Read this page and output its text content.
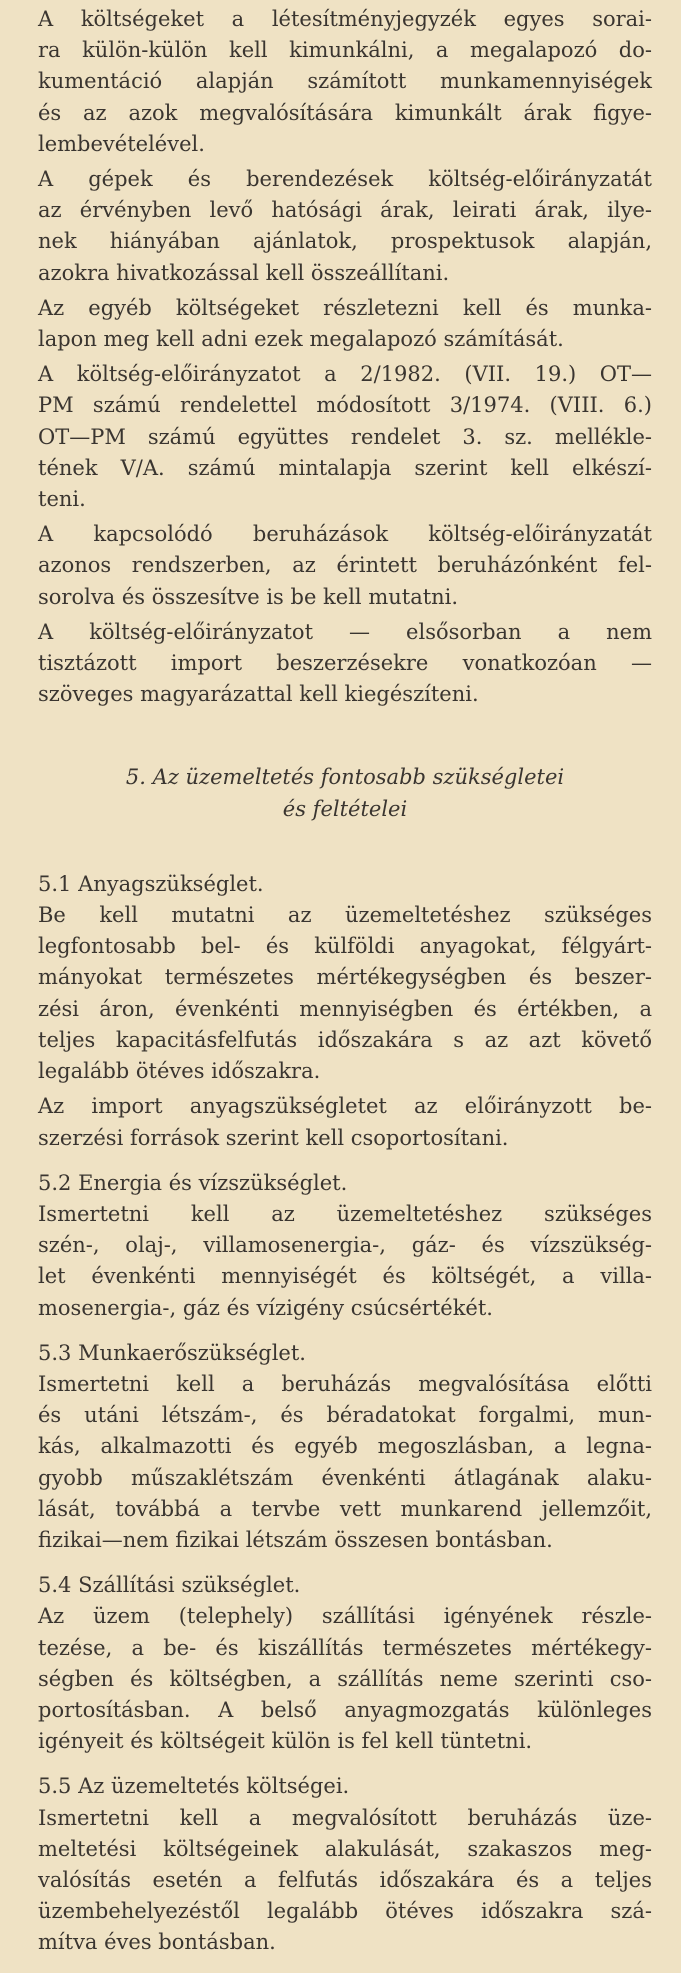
A költségeket a létesítményjegyzék egyes sorai-
ra külön-külön kell kimunkálni, a megalapozó do-
kumentáció alapján számított munkamennyiségek
és az azok megvalósítására kimunkált árak figye-
lembevételével.
A gépek és berendezések költség-előirányzatát
az érvényben levő hatósági árak, leirati árak, ilye-
nek hiányában ajánlatok, prospektusok alapján,
azokra hivatkozással kell összeállítani.
Az egyéb költségeket részletezni kell és munka-
lapon meg kell adni ezek megalapozó számítását.
A költség-előirányzatot a 2/1982. (VII. 19.) OT—
PM számú rendelettel módosított 3/1974. (VIII. 6.)
OT—PM számú együttes rendelet 3. sz. mellékle-
tének V/A. számú mintalapja szerint kell elkészí-
teni.
A kapcsolódó beruházások költség-előirányzatát
azonos rendszerben, az érintett beruházónként fel-
sorolva és összesítve is be kell mutatni.
A költség-előirányzatot — elsősorban a nem
tisztázott import beszerzésekre vonatkozóan —
szöveges magyarázattal kell kiegészíteni.
5. Az üzemeltetés fontosabb szükségletei
és feltételei
5.1 Anyagszükséglet.
Be kell mutatni az üzemeltetéshez szükséges
legfontosabb bel- és külföldi anyagokat, félgyárt-
mányokat természetes mértékegységben és beszer-
zési áron, évenkénti mennyiségben és értékben, a
teljes kapacitásfelfutás időszakára s az azt követő
legalább ötéves időszakra.
Az import anyagszükségletet az előirányzott be-
szerzési források szerint kell csoportosítani.
5.2 Energia és vízszükséglet.
Ismertetni kell az üzemeltetéshez szükséges
szén-, olaj-, villamosenergia-, gáz- és vízszükség-
let évenkénti mennyiségét és költségét, a villa-
mosenergia-, gáz és vízigény csúcsértékét.
5.3 Munkaerőszükséglet.
Ismertetni kell a beruházás megvalósítása előtti
és utáni létszám-, és béradatokat forgalmi, mun-
kás, alkalmazotti és egyéb megoszlásban, a legna-
gyobb műszaklétszám évenkénti átlagának alaku-
lását, továbbá a tervbe vett munkarend jellemzőit,
fizikai—nem fizikai létszám összesen bontásban.
5.4 Szállítási szükséglet.
Az üzem (telephely) szállítási igényének részle-
tezése, a be- és kiszállítás természetes mértékegy-
ségben és költségben, a szállítás neme szerinti cso-
portosításban. A belső anyagmozgatás különleges
igényeit és költségeit külön is fel kell tüntetni.
5.5 Az üzemeltetés költségei.
Ismertetni kell a megvalósított beruházás üze-
meltetési költségeinek alakulását, szakaszos meg-
valósítás esetén a felfutás időszakára és a teljes
üzembehelyezéstől legalább ötéves időszakra szá-
mítva éves bontásban.
